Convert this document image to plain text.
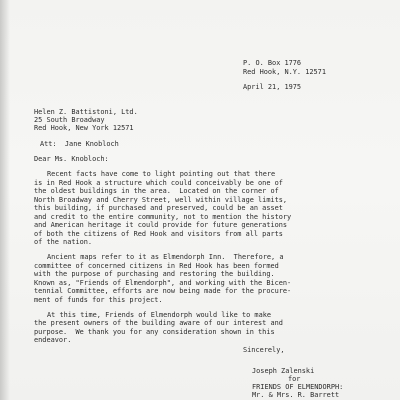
P. O. Box 1776
Red Hook, N.Y. 12571
April 21, 1975
Helen Z. Battistoni, Ltd.
25 South Broadway
Red Hook, New York 12571
Att:  Jane Knobloch
Dear Ms. Knobloch:
Recent facts have come to light pointing out that there
is in Red Hook a structure which could conceivably be one of
the oldest buildings in the area.  Located on the corner of
North Broadway and Cherry Street, well within village limits,
this building, if purchased and preserved, could be an asset
and credit to the entire community, not to mention the history
and American heritage it could provide for future generations
of both the citizens of Red Hook and visitors from all parts
of the nation.
Ancient maps refer to it as Elmendorph Inn.  Therefore, a
committee of concerned citizens in Red Hook has been formed
with the purpose of purchasing and restoring the building.
Known as, "Friends of Elmendorph", and working with the Bicen-
tennial Committee, efforts are now being made for the procure-
ment of funds for this project.
At this time, Friends of Elmendorph would like to make
the present owners of the building aware of our interest and
purpose.  We thank you for any consideration shown in this
endeavor.
Sincerely,
Joseph Zalenski
for
FRIENDS OF ELMENDORPH:
Mr. & Mrs. R. Barrett
